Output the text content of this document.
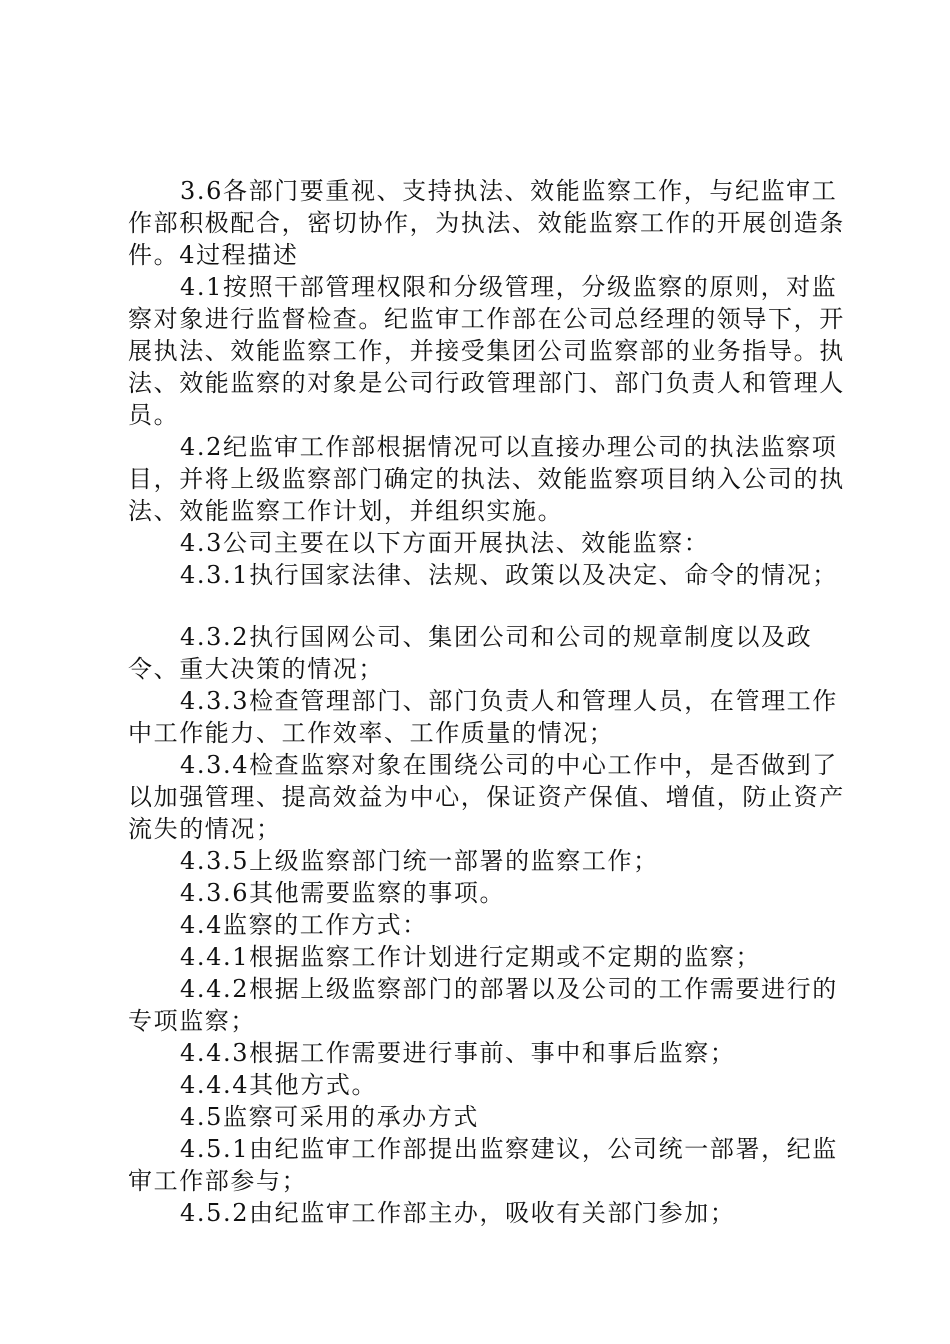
3.6各部门要重视、支持执法、效能监察工作，与纪监审工作部积极配合，密切协作，为执法、效能监察工作的开展创造条件。4过程描述

4.1按照干部管理权限和分级管理，分级监察的原则，对监察对象进行监督检查。纪监审工作部在公司总经理的领导下，开展执法、效能监察工作，并接受集团公司监察部的业务指导。执法、效能监察的对象是公司行政管理部门、部门负责人和管理人员。

4.2纪监审工作部根据情况可以直接办理公司的执法监察项目，并将上级监察部门确定的执法、效能监察项目纳入公司的执法、效能监察工作计划，并组织实施。

4.3公司主要在以下方面开展执法、效能监察：

4.3.1执行国家法律、法规、政策以及决定、命令的情况；

4.3.2执行国网公司、集团公司和公司的规章制度以及政令、重大决策的情况；

4.3.3检查管理部门、部门负责人和管理人员，在管理工作中工作能力、工作效率、工作质量的情况；

4.3.4检查监察对象在围绕公司的中心工作中，是否做到了以加强管理、提高效益为中心，保证资产保值、增值，防止资产流失的情况；

4.3.5上级监察部门统一部署的监察工作；

4.3.6其他需要监察的事项。

4.4监察的工作方式：

4.4.1根据监察工作计划进行定期或不定期的监察；

4.4.2根据上级监察部门的部署以及公司的工作需要进行的专项监察；

4.4.3根据工作需要进行事前、事中和事后监察；

4.4.4其他方式。

4.5监察可采用的承办方式

4.5.1由纪监审工作部提出监察建议，公司统一部署，纪监审工作部参与；

4.5.2由纪监审工作部主办，吸收有关部门参加；
